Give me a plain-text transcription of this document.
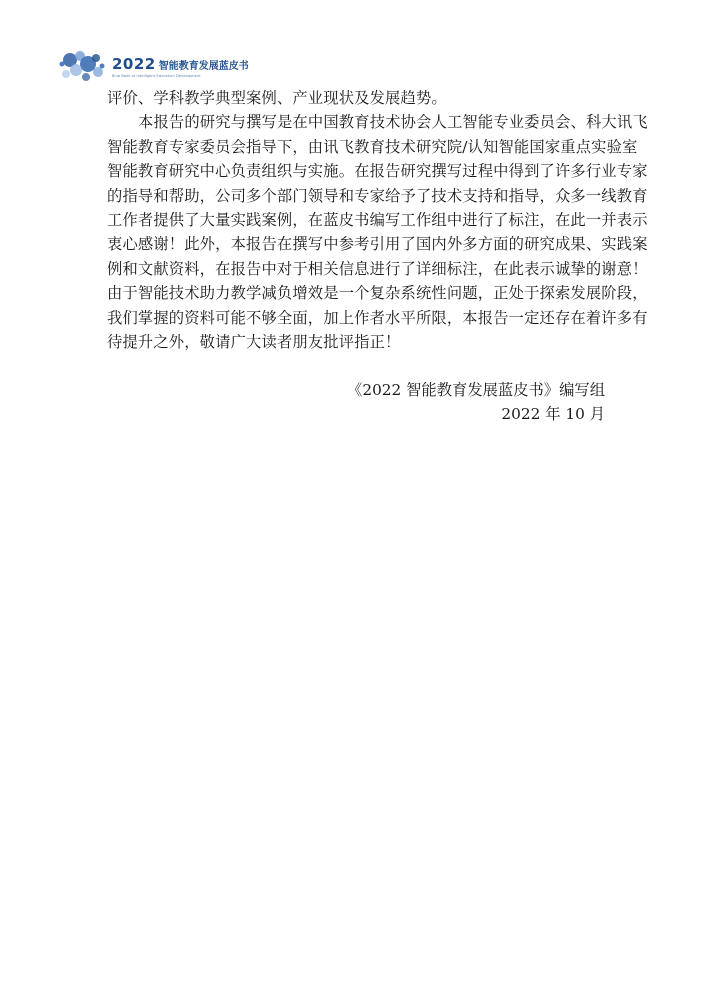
2022 智能教育发展蓝皮书
Blue Book of Intelligent Education Development
评价、学科教学典型案例、产业现状及发展趋势。
本报告的研究与撰写是在中国教育技术协会人工智能专业委员会、科大讯飞
智能教育专家委员会指导下，由讯飞教育技术研究院/认知智能国家重点实验室
智能教育研究中心负责组织与实施。在报告研究撰写过程中得到了许多行业专家
的指导和帮助，公司多个部门领导和专家给予了技术支持和指导，众多一线教育
工作者提供了大量实践案例，在蓝皮书编写工作组中进行了标注，在此一并表示
衷心感谢！此外，本报告在撰写中参考引用了国内外多方面的研究成果、实践案
例和文献资料，在报告中对于相关信息进行了详细标注，在此表示诚挚的谢意！
由于智能技术助力教学减负增效是一个复杂系统性问题，正处于探索发展阶段，
我们掌握的资料可能不够全面，加上作者水平所限，本报告一定还存在着许多有
待提升之外，敬请广大读者朋友批评指正！
《2022 智能教育发展蓝皮书》编写组
2022 年 10 月
